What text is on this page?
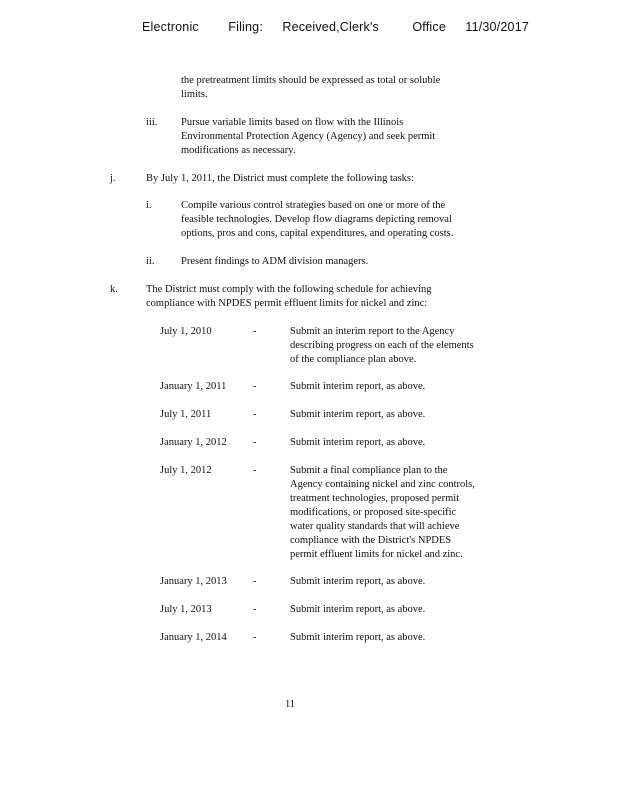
Electronic Filing: Received,Clerk's	Office 11/30/2017
the pretreatment limits should be expressed as total or soluble
limits.
iii. Pursue variable limits based on flow with the Illinois
Environmental Protection Agency (Agency) and seek permit
modifications as necessary.
j.	By July 1, 2011, the District must complete the following tasks:
i.	Compile various control strategies based on one or more of the
feasible technologies. Develop flow diagrams depicting removal
options, pros and cons, capital expenditures, and operating costs.
ii.	Present findings to ADM division managers.
k.	The District must comply with the following schedule for achieving
compliance with NPDES permit effluent limits for nickel and zinc:
July 1, 2010	-	Submit an interim report to the Agency
describing progress on each of the elements
of the compliance plan above.
January 1, 2011	-	Submit interim report, as above.
July 1, 2011	-	Submit interim report, as above.
January 1, 2012	-	Submit interim report, as above.
July 1, 2012	-	Submit a final compliance plan to the
Agency containing nickel and zinc controls,
treatment technologies, proposed permit
modifications, or proposed site-specific
water quality standards that will achieve
compliance with the District's NPDES
permit effluent limits for nickel and zinc.
January 1, 2013	-	Submit interim report, as above.
July 1, 2013	-	Submit interim report, as above.
January 1, 2014	-	Submit interim report, as above.
11
